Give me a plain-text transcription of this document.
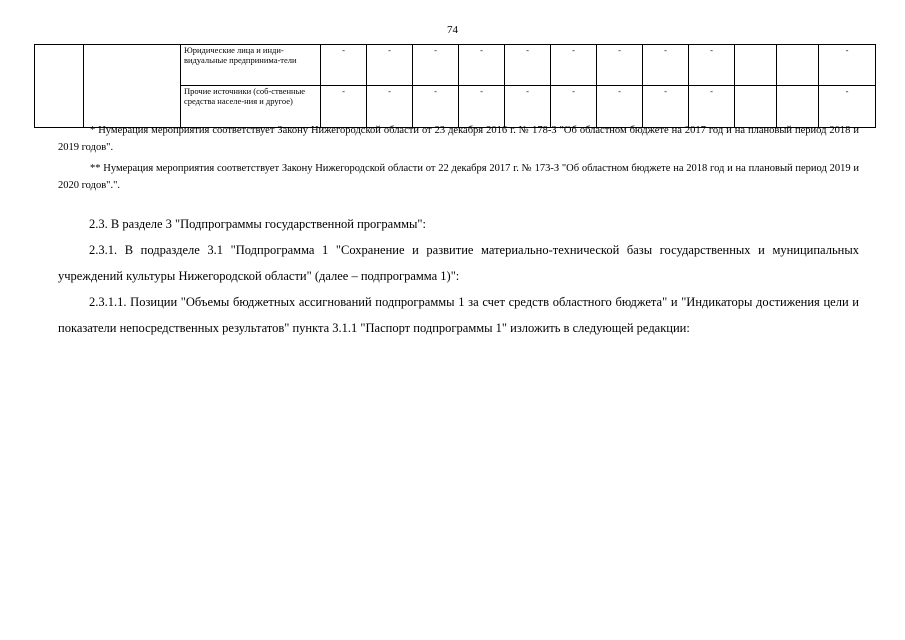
74
		Юридические лица и инди-видуальные предпринима-тели	-	-	-	-	-	-	-	-	-			-
		Прочие источники (соб-ственные средства населе-ния и другое)	-	-	-	-	-	-	-	-	-			-

* Нумерация мероприятия соответствует Закону Нижегородской области от 23 декабря 2016 г. № 178-З "Об областном бюджете на 2017 год и на плановый период 2018 и 2019 годов".

** Нумерация мероприятия соответствует Закону Нижегородской области от 22 декабря 2017 г. № 173-З "Об областном бюджете на 2018 год и на плановый период 2019 и 2020 годов".".

2.3. В разделе 3 "Подпрограммы государственной программы":

2.3.1. В подразделе 3.1 "Подпрограмма 1 "Сохранение и развитие материально-технической базы государственных и муниципальных учреждений культуры Нижегородской области" (далее – подпрограмма 1)":

2.3.1.1. Позиции "Объемы бюджетных ассигнований подпрограммы 1 за счет средств областного бюджета" и "Индикаторы достижения цели и показатели непосредственных результатов" пункта 3.1.1 "Паспорт подпрограммы 1" изложить в следующей редакции:
